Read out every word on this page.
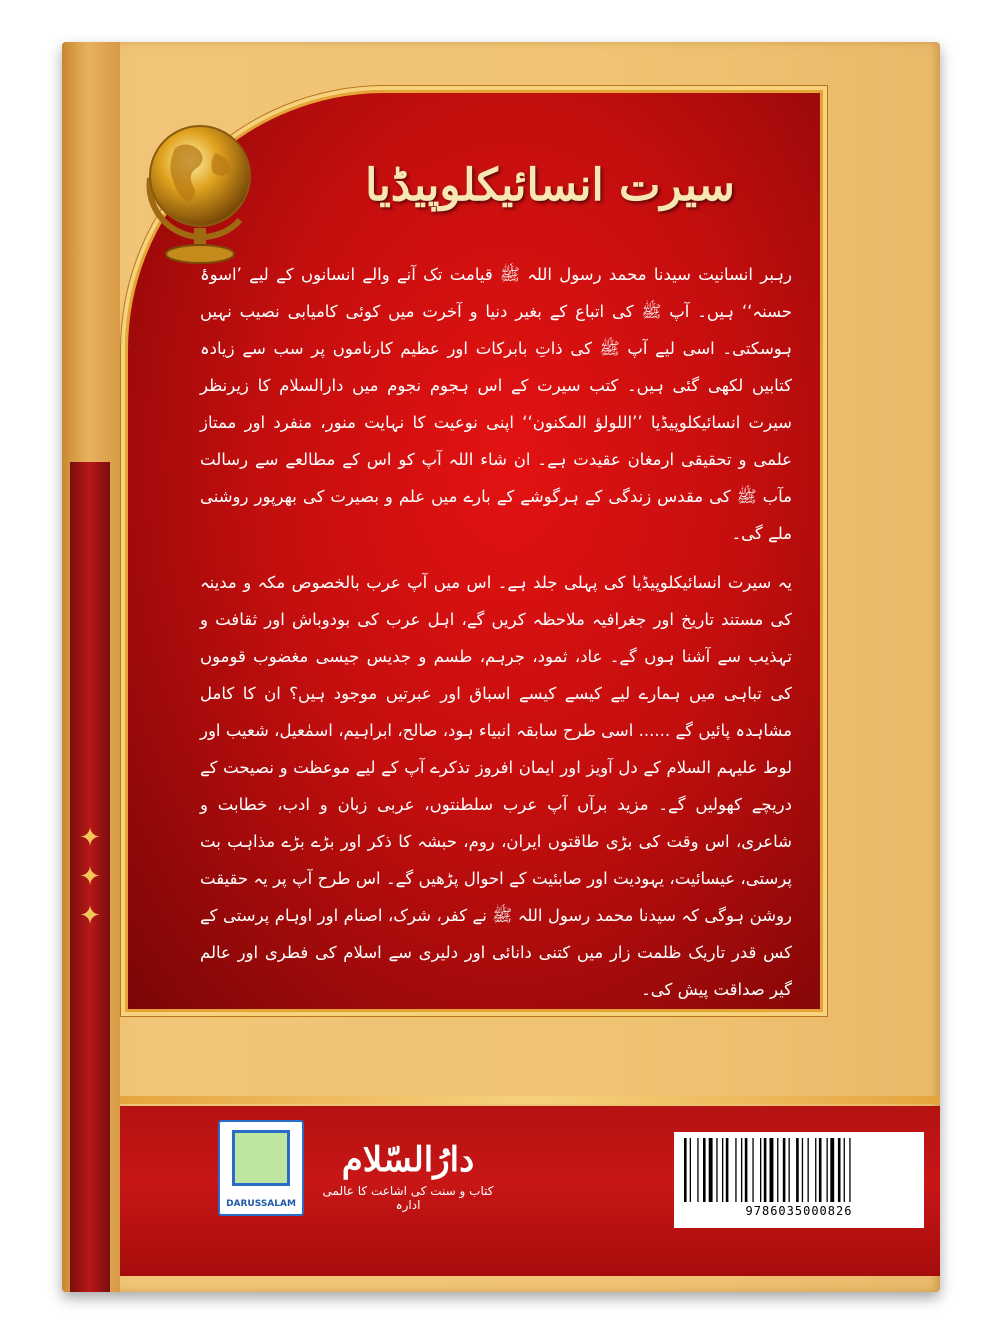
✦ ✦ ✦
سیرت انسائیکلوپیڈیا

رہبر انسانیت سیدنا محمد رسول اللہ ﷺ قیامت تک آنے والے انسانوں کے لیے ’اسوۂ حسنہ‘‘ ہیں۔ آپ ﷺ کی اتباع کے بغیر دنیا و آخرت میں کوئی کامیابی نصیب نہیں ہوسکتی۔ اسی لیے آپ ﷺ کی ذاتِ بابرکات اور عظیم کارناموں پر سب سے زیادہ کتابیں لکھی گئی ہیں۔ کتب سیرت کے اس ہجوم نجوم میں دارالسلام کا زیرنظر سیرت انسائیکلوپیڈیا ’’اللولؤ المکنون‘‘ اپنی نوعیت کا نہایت منور، منفرد اور ممتاز علمی و تحقیقی ارمغان عقیدت ہے۔ ان شاء اللہ آپ کو اس کے مطالعے سے رسالت مآب ﷺ کی مقدس زندگی کے ہرگوشے کے بارے میں علم و بصیرت کی بھرپور روشنی ملے گی۔

یہ سیرت انسائیکلوپیڈیا کی پہلی جلد ہے۔ اس میں آپ عرب بالخصوص مکہ و مدینہ کی مستند تاریخ اور جغرافیہ ملاحظہ کریں گے، اہل عرب کی بودوباش اور ثقافت و تہذیب سے آشنا ہوں گے۔ عاد، ثمود، جرہم، طسم و جدیس جیسی مغضوب قوموں کی تباہی میں ہمارے لیے کیسے کیسے اسباق اور عبرتیں موجود ہیں؟ ان کا کامل مشاہدہ پائیں گے ...... اسی طرح سابقہ انبیاء ہود، صالح، ابراہیم، اسمٰعیل، شعیب اور لوط علیہم السلام کے دل آویز اور ایمان افروز تذکرے آپ کے لیے موعظت و نصیحت کے دریچے کھولیں گے۔ مزید برآں آپ عرب سلطنتوں، عربی زبان و ادب، خطابت و شاعری، اس وقت کی بڑی طاقتوں ایران، روم، حبشہ کا ذکر اور بڑے بڑے مذاہب بت پرستی، عیسائیت، یہودیت اور صابئیت کے احوال پڑھیں گے۔ اس طرح آپ پر یہ حقیقت روشن ہوگی کہ سیدنا محمد رسول اللہ ﷺ نے کفر، شرک، اصنام اور اوہام پرستی کے کس قدر تاریک ظلمت زار میں کتنی دانائی اور دلیری سے اسلام کی فطری اور عالم گیر صداقت پیش کی۔

DARUSSALAM
دارُالسّلام
کتاب و سنت کی اشاعت کا عالمی ادارہ	9786035000826
